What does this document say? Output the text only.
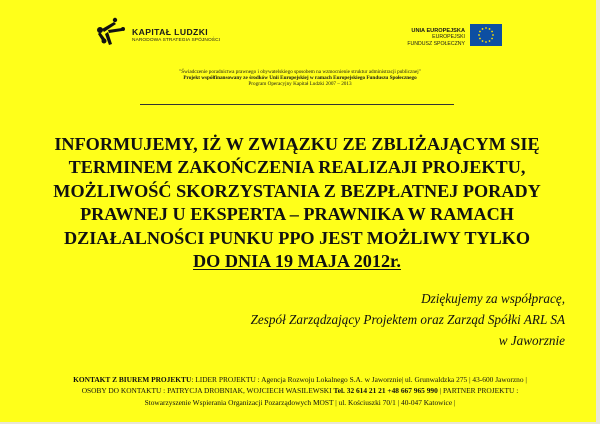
KAPITAŁ LUDZKI
NARODOWA STRATEGIA SPÓJNOŚCI
UNIA EUROPEJSKA
EUROPEJSKI
FUNDUSZ SPOŁECZNY
"Świadczenie poradnictwa prawnego i obywatelskiego sposobem na wzmocnienie struktur administracji publicznej"
Projekt współfinansowany ze środków Unii Europejskiej w ramach Europejskiego Funduszu Społecznego
Program Operacyjny Kapitał Ludzki 2007 – 2013
INFORMUJEMY, IŻ W ZWIĄZKU ZE ZBLIŻAJĄCYM SIĘ
TERMINEM ZAKOŃCZENIA REALIZAJI PROJEKTU,
MOŻLIWOŚĆ SKORZYSTANIA Z BEZPŁATNEJ PORADY
PRAWNEJ U EKSPERTA – PRAWNIKA W RAMACH
DZIAŁALNOŚCI PUNKU PPO JEST MOŻLIWY TYLKO
DO DNIA 19 MAJA 2012r.
Dziękujemy za współpracę,
Zespół Zarządzający Projektem oraz Zarząd Spółki ARL SA
w Jaworznie
KONTAKT Z BIUREM PROJEKTU: LIDER PROJEKTU : Agencja Rozwoju Lokalnego S.A. w Jaworznie| ul. Grunwaldzka 275 | 43-600 Jaworzno |
OSOBY DO KONTAKTU : PATRYCJA DROBNIAK, WOJCIECH WASILEWSKI Tel. 32 614 21 21 +48 667 965 990 | PARTNER PROJEKTU :
Stowarzyszenie Wspierania Organizacji Pozarządowych MOST | ul. Kościuszki 70/1 | 40-047 Katowice |
